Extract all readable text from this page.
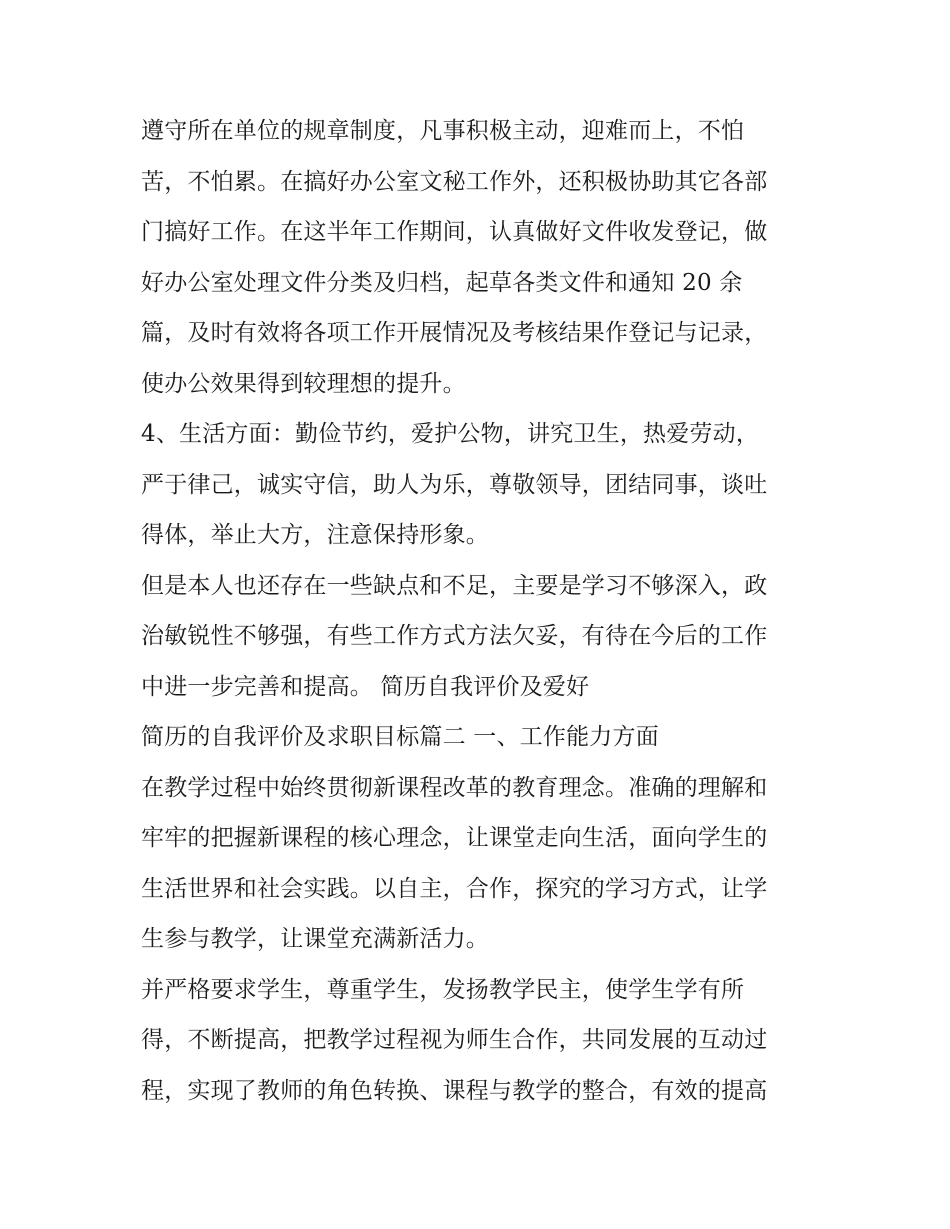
遵守所在单位的规章制度，凡事积极主动，迎难而上，不怕
苦，不怕累。在搞好办公室文秘工作外，还积极协助其它各部
门搞好工作。在这半年工作期间，认真做好文件收发登记，做
好办公室处理文件分类及归档，起草各类文件和通知 20 余
篇，及时有效将各项工作开展情况及考核结果作登记与记录，
使办公效果得到较理想的提升。
4、生活方面：勤俭节约，爱护公物，讲究卫生，热爱劳动，
严于律己，诚实守信，助人为乐，尊敬领导，团结同事，谈吐
得体，举止大方，注意保持形象。
但是本人也还存在一些缺点和不足，主要是学习不够深入，政
治敏锐性不够强，有些工作方式方法欠妥，有待在今后的工作
中进一步完善和提高。 简历自我评价及爱好
简历的自我评价及求职目标篇二 一、工作能力方面
在教学过程中始终贯彻新课程改革的教育理念。准确的理解和
牢牢的把握新课程的核心理念，让课堂走向生活，面向学生的
生活世界和社会实践。以自主，合作，探究的学习方式，让学
生参与教学，让课堂充满新活力。
并严格要求学生，尊重学生，发扬教学民主，使学生学有所
得，不断提高，把教学过程视为师生合作，共同发展的互动过
程，实现了教师的角色转换、课程与教学的整合，有效的提高
